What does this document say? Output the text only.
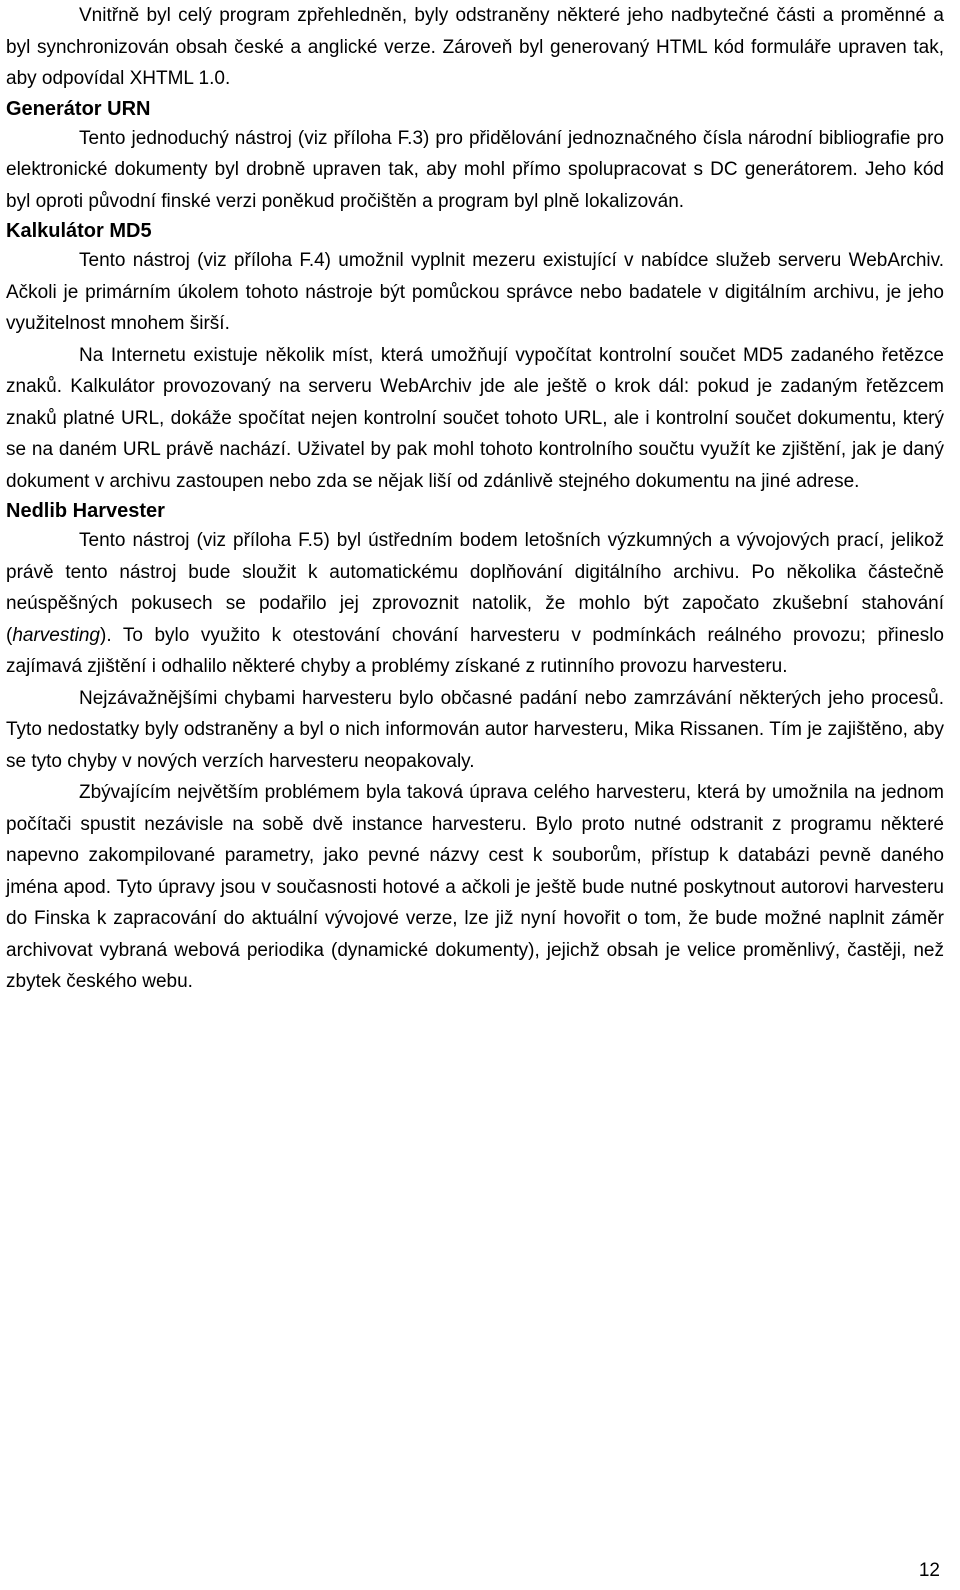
Vnitřně byl celý program zpřehledněn, byly odstraněny některé jeho nadbytečné části a proměnné a byl synchronizován obsah české a anglické verze. Zároveň byl generovaný HTML kód formuláře upraven tak, aby odpovídal XHTML 1.0.

Generátor URN

Tento jednoduchý nástroj (viz příloha F.3) pro přidělování jednoznačného čísla národní bibliografie pro elektronické dokumenty byl drobně upraven tak, aby mohl přímo spolupracovat s DC generátorem. Jeho kód byl oproti původní finské verzi poněkud pročištěn a program byl plně lokalizován.

Kalkulátor MD5

Tento nástroj (viz příloha F.4) umožnil vyplnit mezeru existující v nabídce služeb serveru WebArchiv. Ačkoli je primárním úkolem tohoto nástroje být pomůckou správce nebo badatele v digitálním archivu, je jeho využitelnost mnohem širší.

Na Internetu existuje několik míst, která umožňují vypočítat kontrolní součet MD5 zadaného řetězce znaků. Kalkulátor provozovaný na serveru WebArchiv jde ale ještě o krok dál: pokud je zadaným řetězcem znaků platné URL, dokáže spočítat nejen kontrolní součet tohoto URL, ale i kontrolní součet dokumentu, který se na daném URL právě nachází. Uživatel by pak mohl tohoto kontrolního součtu využít ke zjištění, jak je daný dokument v archivu zastoupen nebo zda se nějak liší od zdánlivě stejného dokumentu na jiné adrese.

Nedlib Harvester

Tento nástroj (viz příloha F.5) byl ústředním bodem letošních výzkumných a vývojových prací, jelikož právě tento nástroj bude sloužit k automatickému doplňování digitálního archivu. Po několika částečně neúspěšných pokusech se podařilo jej zprovoznit natolik, že mohlo být započato zkušební stahování (harvesting). To bylo využito k otestování chování harvesteru v podmínkách reálného provozu; přineslo zajímavá zjištění i odhalilo některé chyby a problémy získané z rutinního provozu harvesteru.

Nejzávažnějšími chybami harvesteru bylo občasné padání nebo zamrzávání některých jeho procesů. Tyto nedostatky byly odstraněny a byl o nich informován autor harvesteru, Mika Rissanen. Tím je zajištěno, aby se tyto chyby v nových verzích harvesteru neopakovaly.

Zbývajícím největším problémem byla taková úprava celého harvesteru, která by umožnila na jednom počítači spustit nezávisle na sobě dvě instance harvesteru. Bylo proto nutné odstranit z programu některé napevno zakompilované parametry, jako pevné názvy cest k souborům, přístup k databázi pevně daného jména apod. Tyto úpravy jsou v současnosti hotové a ačkoli je ještě bude nutné poskytnout autorovi harvesteru do Finska k zapracování do aktuální vývojové verze, lze již nyní hovořit o tom, že bude možné naplnit záměr archivovat vybraná webová periodika (dynamické dokumenty), jejichž obsah je velice proměnlivý, častěji, než zbytek českého webu.

12
